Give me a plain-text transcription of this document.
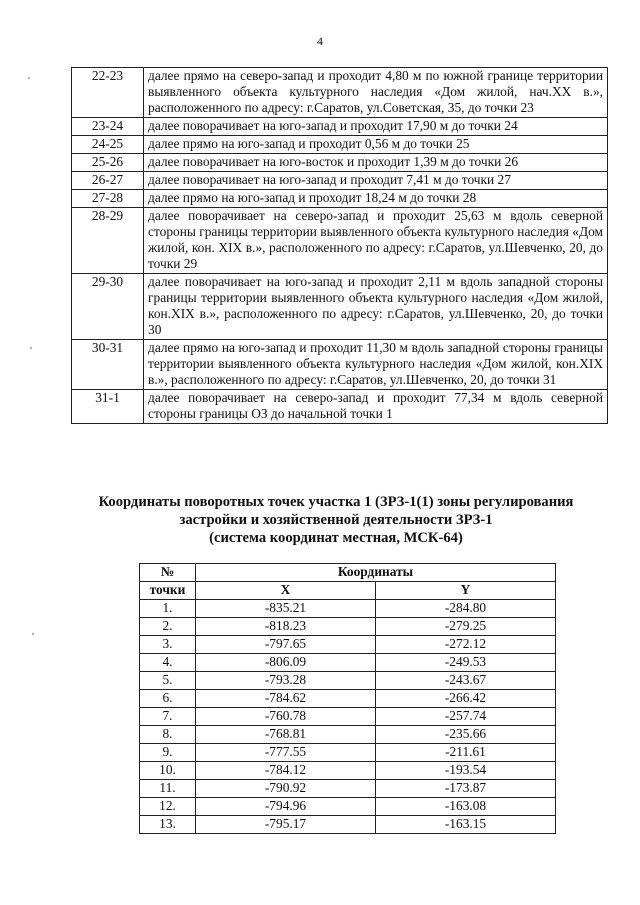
4
22-23	далее прямо на северо-запад и проходит 4,80 м по южной границе территории выявленного объекта культурного наследия «Дом жилой, нач.XX в.», расположенного по адресу: г.Саратов, ул.Советская, 35, до точки 23
23-24	далее поворачивает на юго-запад и проходит 17,90 м до точки 24
24-25	далее прямо на юго-запад и проходит 0,56 м до точки 25
25-26	далее поворачивает на юго-восток и проходит 1,39 м до точки 26
26-27	далее поворачивает на юго-запад и проходит 7,41 м до точки 27
27-28	далее прямо на юго-запад и проходит 18,24 м до точки 28
28-29	далее поворачивает на северо-запад и проходит 25,63 м вдоль северной стороны границы территории выявленного объекта культурного наследия «Дом жилой, кон. XIX в.», расположенного по адресу: г.Саратов, ул.Шевченко, 20, до точки 29
29-30	далее поворачивает на юго-запад и проходит 2,11 м вдоль западной стороны границы территории выявленного объекта культурного наследия «Дом жилой, кон.XIX в.», расположенного по адресу: г.Саратов, ул.Шевченко, 20, до точки 30
30-31	далее прямо на юго-запад и проходит 11,30 м вдоль западной стороны границы территории выявленного объекта культурного наследия «Дом жилой, кон.XIX в.», расположенного по адресу: г.Саратов, ул.Шевченко, 20, до точки 31
31-1	далее поворачивает на северо-запад и проходит 77,34 м вдоль северной стороны границы ОЗ до начальной точки 1
Координаты поворотных точек участка 1 (ЗРЗ-1(1) зоны регулирования
застройки и хозяйственной деятельности ЗРЗ-1
(система координат местная, МСК-64)
№	Координаты	
точки	X	Y
1.	-835.21	-284.80
2.	-818.23	-279.25
3.	-797.65	-272.12
4.	-806.09	-249.53
5.	-793.28	-243.67
6.	-784.62	-266.42
7.	-760.78	-257.74
8.	-768.81	-235.66
9.	-777.55	-211.61
10.	-784.12	-193.54
11.	-790.92	-173.87
12.	-794.96	-163.08
13.	-795.17	-163.15
